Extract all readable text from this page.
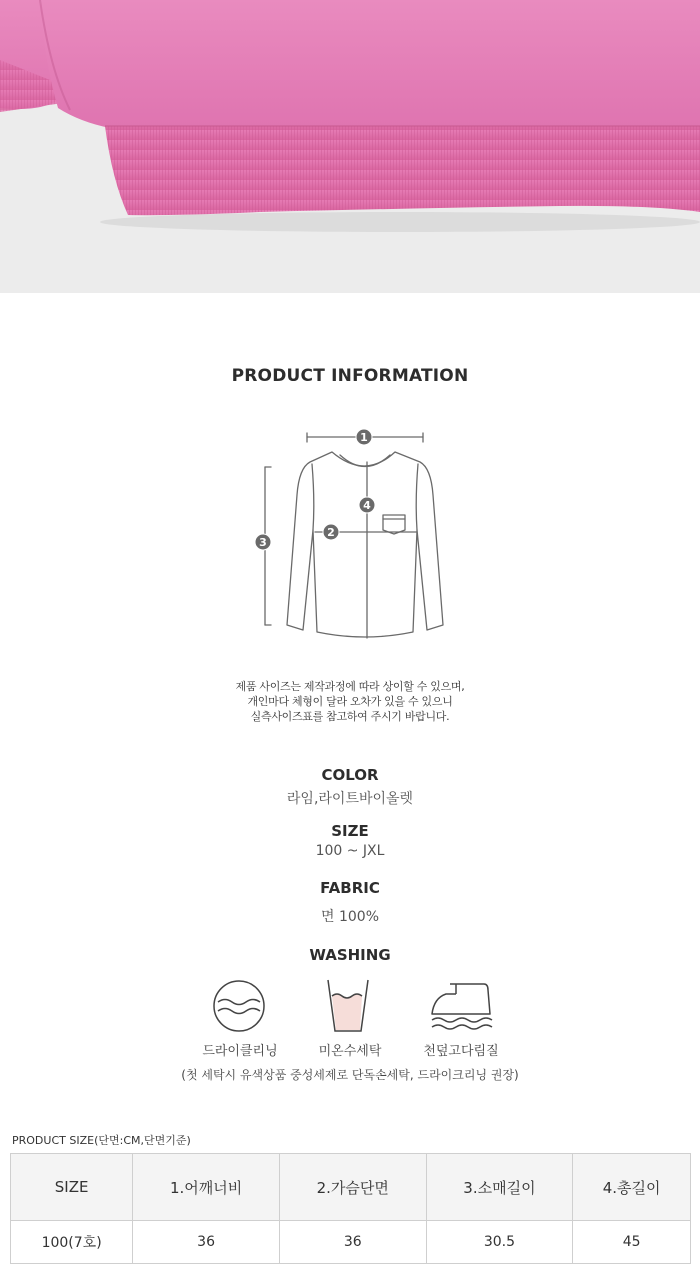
PRODUCT INFORMATION
1
2
3
4
제품 사이즈는 제작과정에 따라 상이할 수 있으며,
개인마다 체형이 달라 오차가 있을 수 있으니
실측사이즈표를 참고하여 주시기 바랍니다.
COLOR
라임,라이트바이올렛
SIZE
100 ~ JXL
FABRIC
면 100%
WASHING
드라이클리닝	미온수세탁	천덮고다림질
(첫 세탁시 유색상품 중성세제로 단독손세탁, 드라이크리닝 권장)
PRODUCT SIZE(단면:CM,단면기준)
SIZE	1.어깨너비	2.가슴단면	3.소매길이	4.총길이
100(7호)	36	36	30.5	45
